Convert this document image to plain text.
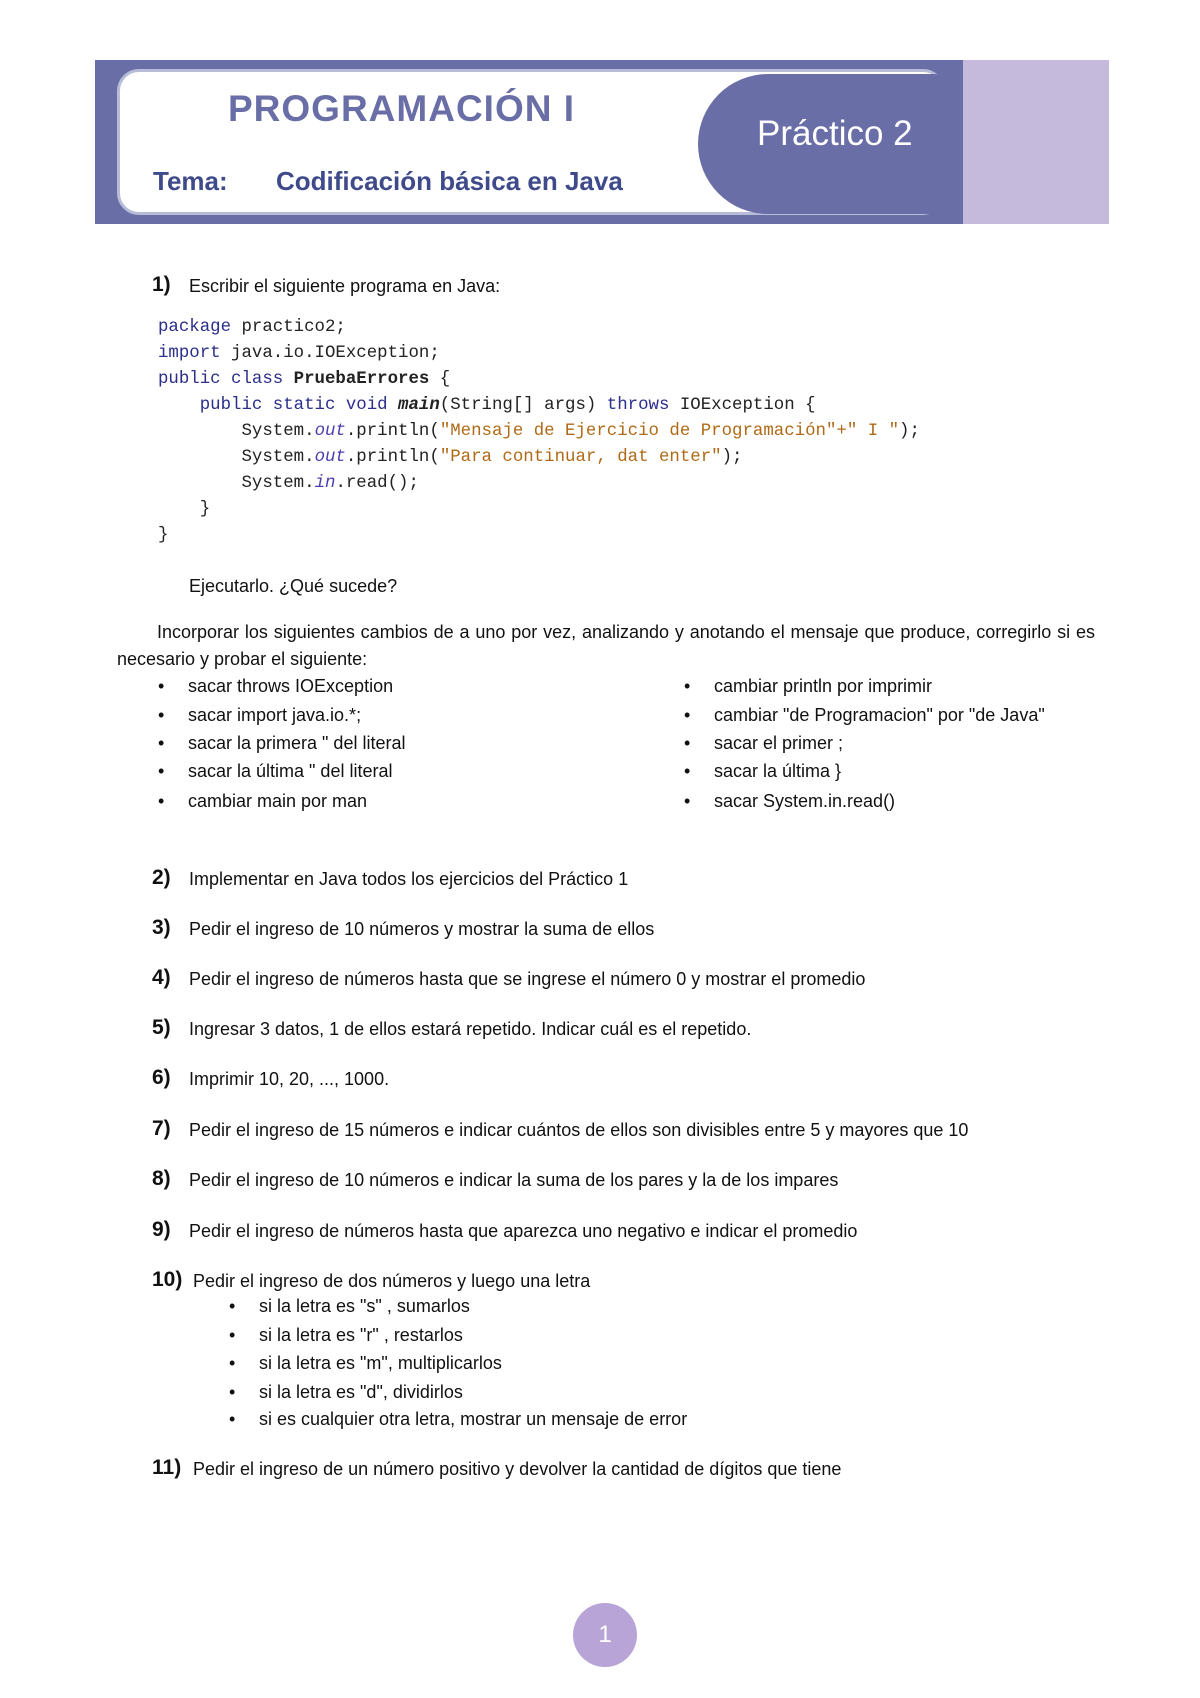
PROGRAMACIÓN I
Tema: Codificación básica en Java
Práctico 2
1) Escribir el siguiente programa en Java:
package practico2;
import java.io.IOException;
public class PruebaErrores {
public static void main(String[] args) throws IOException {
System.out.println("Mensaje de Ejercicio de Programación"+" I ");
System.out.println("Para continuar, dat enter");
System.in.read();
}
}
Ejecutarlo. ¿Qué sucede?
Incorporar los siguientes cambios de a uno por vez, analizando y anotando el mensaje que produce, corregirlo si es necesario y probar el siguiente:
• sacar throws IOException
• sacar import java.io.*;
• sacar la primera " del literal
• sacar la última " del literal
• cambiar main por man
• cambiar println por imprimir
• cambiar "de Programacion" por "de Java"
• sacar el primer ;
• sacar la última }
• sacar System.in.read()
2) Implementar en Java todos los ejercicios del Práctico 1
3) Pedir el ingreso de 10 números y mostrar la suma de ellos
4) Pedir el ingreso de números hasta que se ingrese el número 0 y mostrar el promedio
5) Ingresar 3 datos, 1 de ellos estará repetido. Indicar cuál es el repetido.
6) Imprimir 10, 20, ..., 1000.
7) Pedir el ingreso de 15 números e indicar cuántos de ellos son divisibles entre 5 y mayores que 10
8) Pedir el ingreso de 10 números e indicar la suma de los pares y la de los impares
9) Pedir el ingreso de números hasta que aparezca uno negativo e indicar el promedio
10) Pedir el ingreso de dos números y luego una letra
• si la letra es "s" , sumarlos
• si la letra es "r" , restarlos
• si la letra es "m", multiplicarlos
• si la letra es "d", dividirlos
• si es cualquier otra letra, mostrar un mensaje de error
11) Pedir el ingreso de un número positivo y devolver la cantidad de dígitos que tiene
1
